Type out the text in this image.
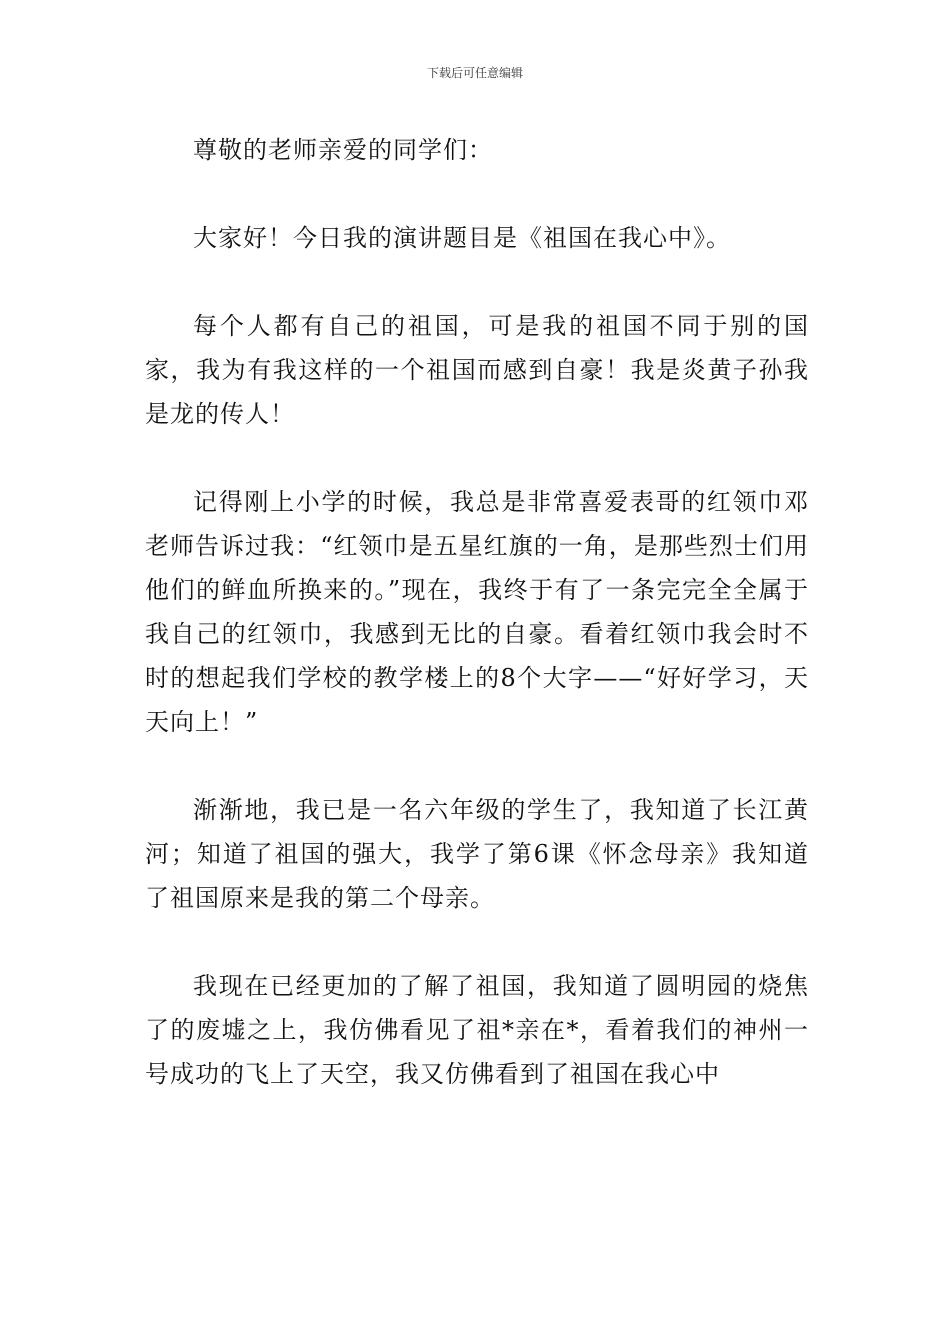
下载后可任意编辑

尊敬的老师亲爱的同学们：

大家好！今日我的演讲题目是《祖国在我心中》。

每个人都有自己的祖国，可是我的祖国不同于别的国家，我为有我这样的一个祖国而感到自豪！我是炎黄子孙我是龙的传人！

记得刚上小学的时候，我总是非常喜爱表哥的红领巾邓老师告诉过我：“红领巾是五星红旗的一角，是那些烈士们用他们的鲜血所换来的。”现在，我终于有了一条完完全全属于我自己的红领巾，我感到无比的自豪。看着红领巾我会时不时的想起我们学校的教学楼上的8个大字——“好好学习，天天向上！”

渐渐地，我已是一名六年级的学生了，我知道了长江黄河；知道了祖国的强大，我学了第6课《怀念母亲》我知道了祖国原来是我的第二个母亲。

我现在已经更加的了解了祖国，我知道了圆明园的烧焦了的废墟之上，我仿佛看见了祖*亲在*，看着我们的神州一号成功的飞上了天空，我又仿佛看到了祖国在我心中
